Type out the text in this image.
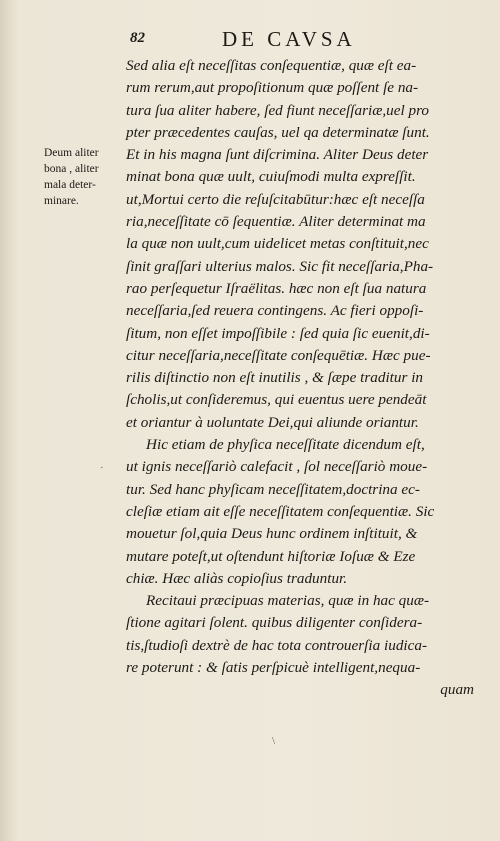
82	DE CAVSA
Deum aliter
bona , aliter
mala deter-
minare.
Sed alia eſt neceſſitas conſequentiæ, quæ eſt ea-
rum rerum,aut propoſitionum quæ poſſent ſe na-
tura ſua aliter habere, ſed fiunt neceſſariæ,uel pro
pter præcedentes cauſas, uel qa determinatæ ſunt.
Et in his magna ſunt diſcrimina. Aliter Deus deter
minat bona quæ uult, cuiuſmodi multa expreſſit.
ut,Mortui certo die reſuſcitabūtur:hæc eſt neceſſa
ria,neceſſitate cō ſequentiæ. Aliter determinat ma
la quæ non uult,cum uidelicet metas conſtituit,nec
ſinit graſſari ulterius malos. Sic fit neceſſaria,Pha-
rao perſequetur Iſraëlitas. hæc non eſt ſua natura
neceſſaria,ſed reuera contingens. Ac fieri oppoſi-
ſitum, non eſſet impoſſibile : ſed quia ſic euenit,di-
citur neceſſaria,neceſſitate conſequētiæ. Hæc pue-
rilis diſtinctio non eſt inutilis , & ſæpe traditur in
ſcholis,ut conſideremus, qui euentus uere pendeāt
et oriantur à uoluntate Dei,qui aliunde oriantur.
Hic etiam de phyſica neceſſitate dicendum eſt,
ut ignis neceſſariò calefacit , ſol neceſſariò moue-
tur. Sed hanc phyſicam neceſſitatem,doctrina ec-
cleſiæ etiam ait eſſe neceſſitatem conſequentiæ. Sic
mouetur ſol,quia Deus hunc ordinem inſtituit, &
mutare poteſt,ut oſtendunt hiſtoriæ Ioſuæ & Eze
chiæ. Hæc aliàs copioſius traduntur.
Recitaui præcipuas materias, quæ in hac quæ-
ſtione agitari ſolent. quibus diligenter conſidera-
tis,ſtudioſi dextrè de hac tota controuerſia iudica-
re poterunt : & ſatis perſpicuè intelligent,nequa-
quam
·
\
